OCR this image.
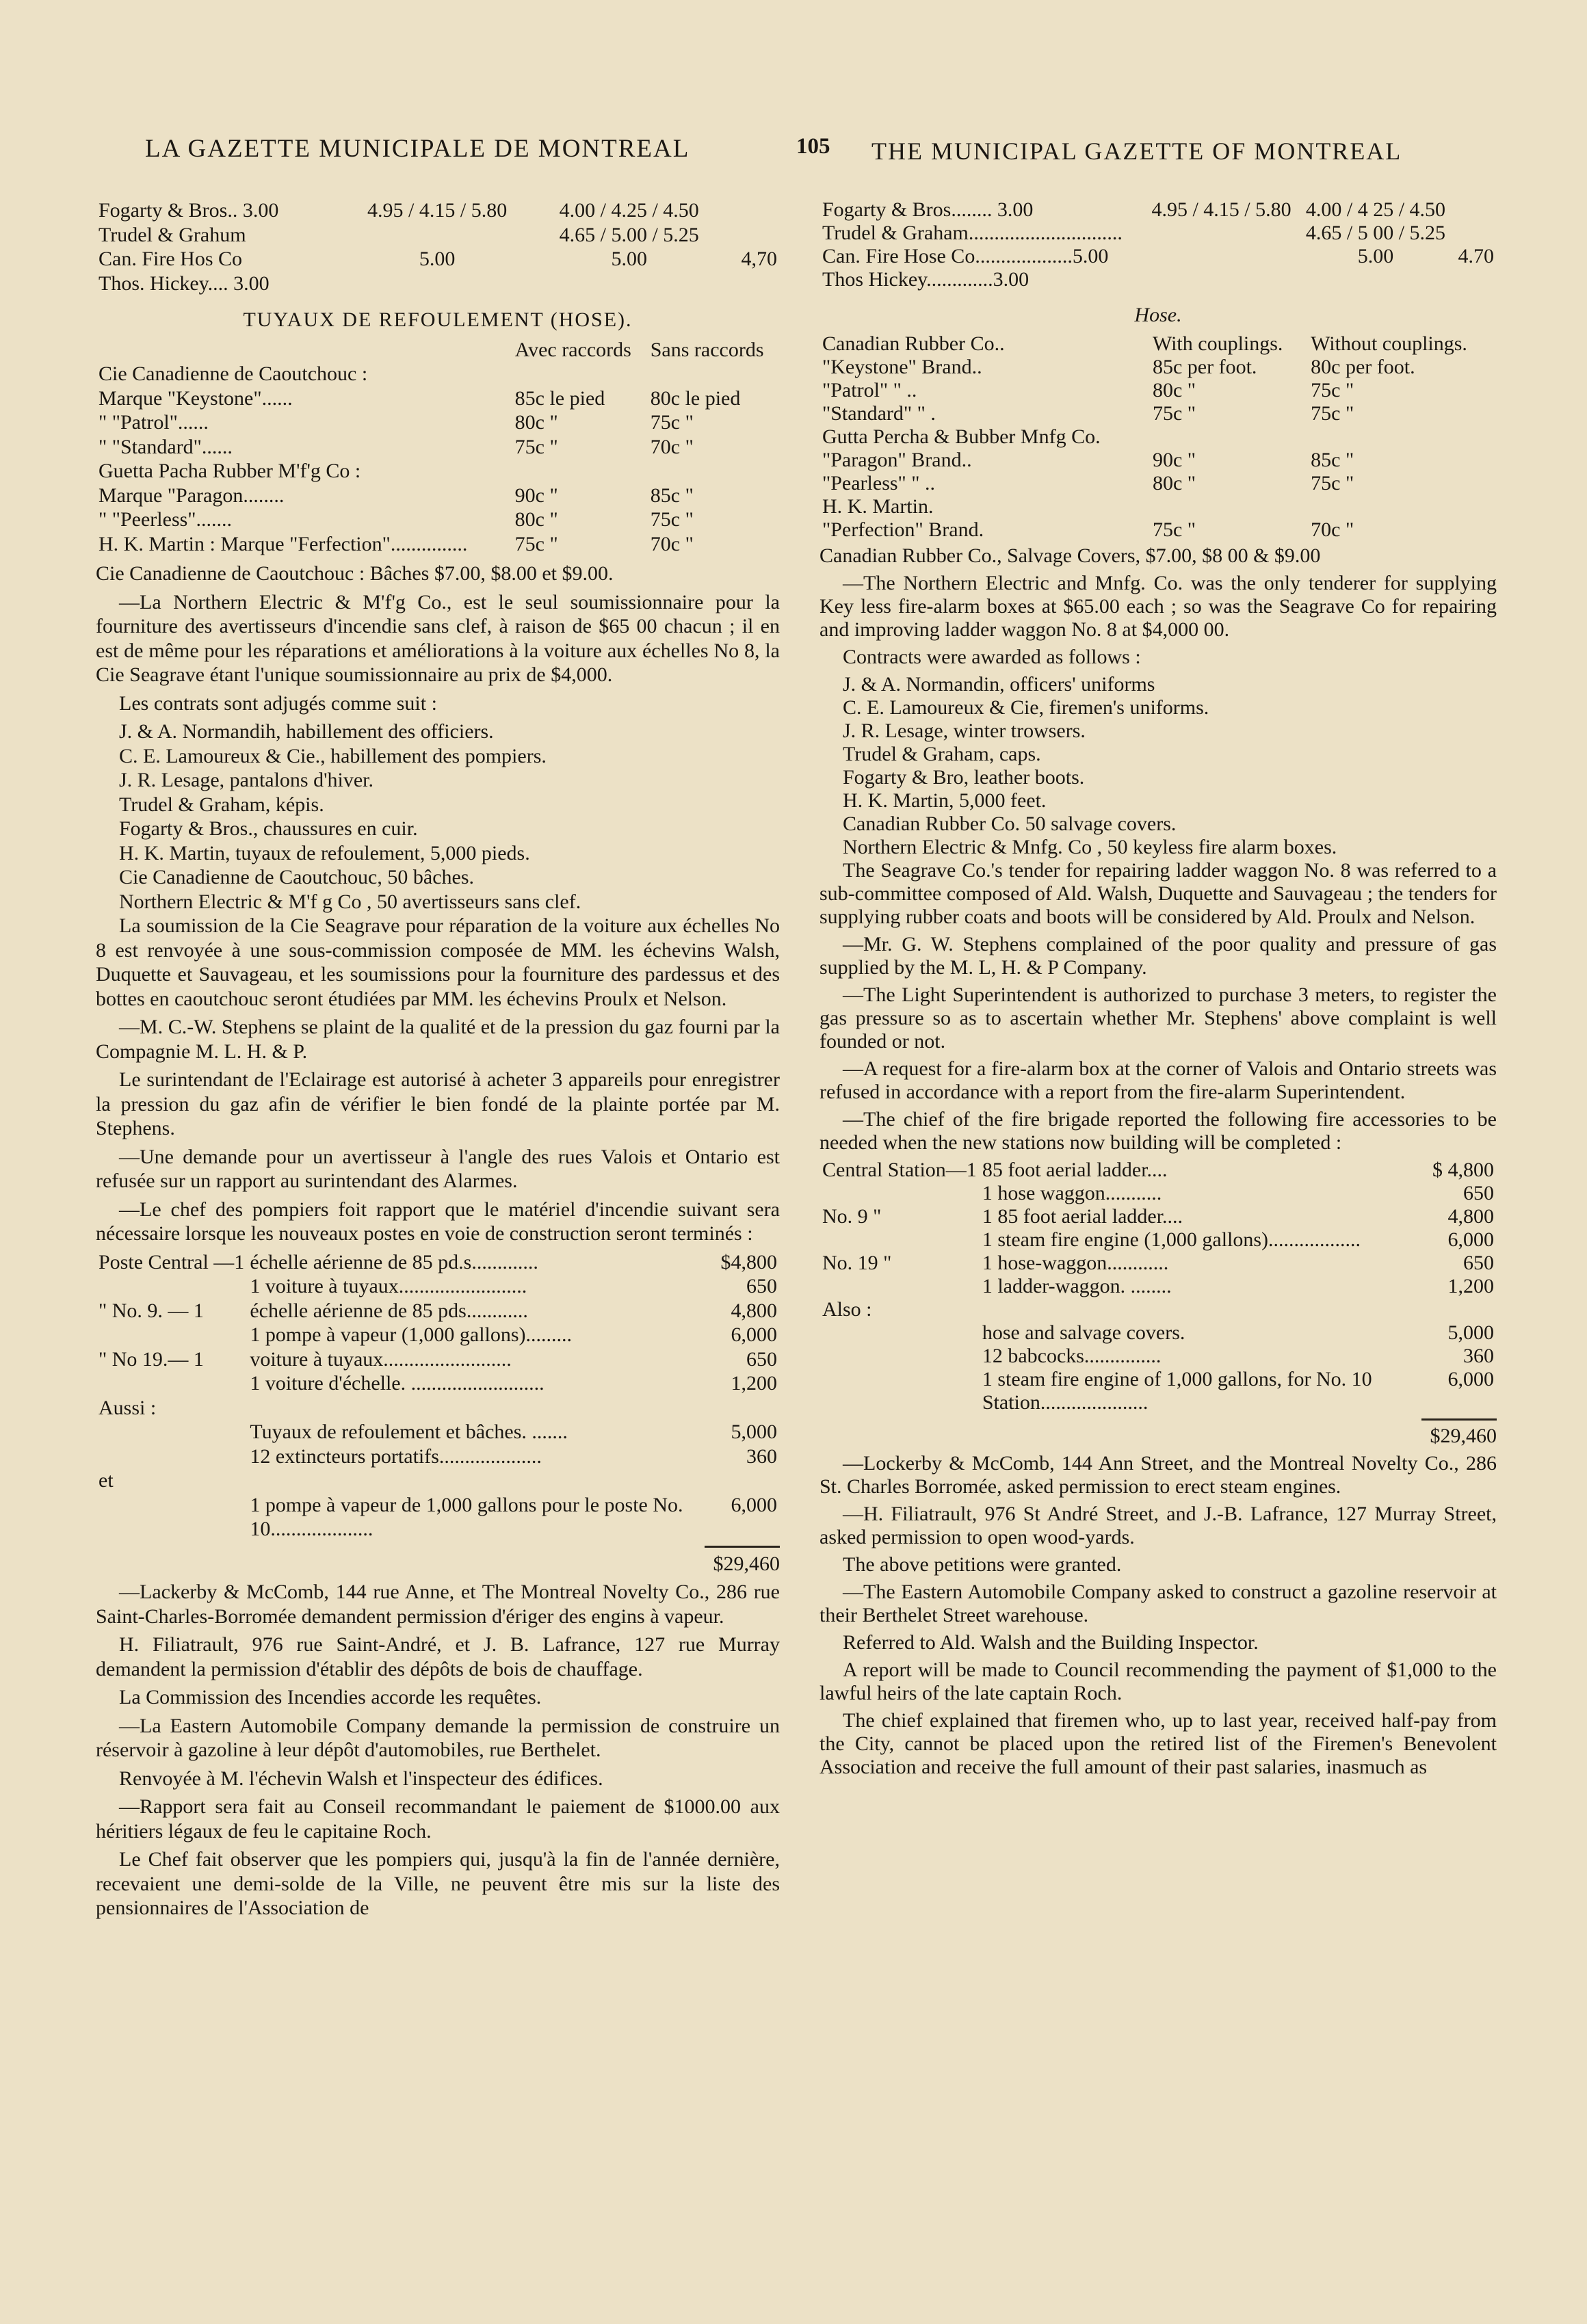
LA GAZETTE MUNICIPALE DE MONTREAL	105 THE MUNICIPAL GAZETTE OF MONTREAL
Fogarty & Bros.. 3.00	4.95 / 4.15 / 5.80	4.00 / 4.25 / 4.50	
Trudel & Grahum		4.65 / 5.00 / 5.25	
Can. Fire Hos Co	5.00	5.00	4,70
Thos. Hickey.... 3.00			

TUYAUX DE REFOULEMENT (HOSE).

	Avec raccords	Sans raccords
Cie Canadienne de Caoutchouc :		
Marque "Keystone"......	85c le pied	80c le pied
" "Patrol"......	80c "	75c "
" "Standard"......	75c "	70c "
Guetta Pacha Rubber M'f'g Co :		
Marque "Paragon........	90c "	85c "
" "Peerless".......	80c "	75c "
H. K. Martin : Marque "Ferfection"...............	75c "	70c "

Cie Canadienne de Caoutchouc : Bâches $7.00, $8.00 et $9.00.

—La Northern Electric & M'f'g Co., est le seul soumissionnaire pour la fourniture des avertisseurs d'incendie sans clef, à raison de $65 00 chacun ; il en est de même pour les réparations et améliorations à la voiture aux échelles No 8, la Cie Seagrave étant l'unique soumissionnaire au prix de $4,000.

Les contrats sont adjugés comme suit :

J. & A. Normandih, habillement des officiers.
C. E. Lamoureux & Cie., habillement des pompiers.
J. R. Lesage, pantalons d'hiver.
Trudel & Graham, képis.
Fogarty & Bros., chaussures en cuir.
H. K. Martin, tuyaux de refoulement, 5,000 pieds.
Cie Canadienne de Caoutchouc, 50 bâches.
Northern Electric & M'f g Co , 50 avertisseurs sans clef.

La soumission de la Cie Seagrave pour réparation de la voiture aux échelles No 8 est renvoyée à une sous-commission composée de MM. les échevins Walsh, Duquette et Sauvageau, et les soumissions pour la fourniture des pardessus et des bottes en caoutchouc seront étudiées par MM. les échevins Proulx et Nelson.

—M. C.-W. Stephens se plaint de la qualité et de la pression du gaz fourni par la Compagnie M. L. H. & P.

Le surintendant de l'Eclairage est autorisé à acheter 3 appareils pour enregistrer la pression du gaz afin de vérifier le bien fondé de la plainte portée par M. Stephens.

—Une demande pour un avertisseur à l'angle des rues Valois et Ontario est refusée sur un rapport au surintendant des Alarmes.

—Le chef des pompiers foit rapport que le matériel d'incendie suivant sera nécessaire lorsque les nouveaux postes en voie de construction seront terminés :

Poste Central —1	échelle aérienne de 85 pd.s.............	$4,800
	1 voiture à tuyaux.........................	650
" No. 9. — 1	échelle aérienne de 85 pds............	4,800
	1 pompe à vapeur (1,000 gallons).........	6,000
" No 19.— 1	voiture à tuyaux.........................	650
	1 voiture d'échelle. ..........................	1,200
Aussi :		
	Tuyaux de refoulement et bâches. .......	5,000
	12 extincteurs portatifs....................	360
et		
	1 pompe à vapeur de 1,000 gallons pour le poste No. 10....................	6,000

$29,460

—Lackerby & McComb, 144 rue Anne, et The Montreal Novelty Co., 286 rue Saint-Charles-Borromée demandent permission d'ériger des engins à vapeur.

H. Filiatrault, 976 rue Saint-André, et J. B. Lafrance, 127 rue Murray demandent la permission d'établir des dépôts de bois de chauffage.

La Commission des Incendies accorde les requêtes.

—La Eastern Automobile Company demande la permission de construire un réservoir à gazoline à leur dépôt d'automobiles, rue Berthelet.

Renvoyée à M. l'échevin Walsh et l'inspecteur des édifices.

—Rapport sera fait au Conseil recommandant le paiement de $1000.00 aux héritiers légaux de feu le capitaine Roch.

Le Chef fait observer que les pompiers qui, jusqu'à la fin de l'année dernière, recevaient une demi-solde de la Ville, ne peuvent être mis sur la liste des pensionnaires de l'Association de

Fogarty & Bros........ 3.00	4.95 / 4.15 / 5.80	4.00 / 4 25 / 4.50	
Trudel & Graham..............................		4.65 / 5 00 / 5.25	
Can. Fire Hose Co...................5.00		5.00	4.70
Thos Hickey.............3.00			

Hose.

Canadian Rubber Co..	With couplings.	Without couplings.
"Keystone" Brand..	85c per foot.	80c per foot.
"Patrol" " ..	80c "	75c "
"Standard" " .	75c "	75c "
Gutta Percha & Bubber Mnfg Co.		
"Paragon" Brand..	90c "	85c "
"Pearless" " ..	80c "	75c "
H. K. Martin.		
"Perfection" Brand.	75c "	70c "

Canadian Rubber Co., Salvage Covers, $7.00, $8 00 & $9.00

—The Northern Electric and Mnfg. Co. was the only tenderer for supplying Key less fire-alarm boxes at $65.00 each ; so was the Seagrave Co for repairing and improving ladder waggon No. 8 at $4,000 00.

Contracts were awarded as follows :

J. & A. Normandin, officers' uniforms
C. E. Lamoureux & Cie, firemen's uniforms.
J. R. Lesage, winter trowsers.
Trudel & Graham, caps.
Fogarty & Bro, leather boots.
H. K. Martin, 5,000 feet.
Canadian Rubber Co. 50 salvage covers.
Northern Electric & Mnfg. Co , 50 keyless fire alarm boxes.

The Seagrave Co.'s tender for repairing ladder waggon No. 8 was referred to a sub-committee composed of Ald. Walsh, Duquette and Sauvageau ; the tenders for supplying rubber coats and boots will be considered by Ald. Proulx and Nelson.

—Mr. G. W. Stephens complained of the poor quality and pressure of gas supplied by the M. L, H. & P Company.

—The Light Superintendent is authorized to purchase 3 meters, to register the gas pressure so as to ascertain whether Mr. Stephens' above complaint is well founded or not.

—A request for a fire-alarm box at the corner of Valois and Ontario streets was refused in accordance with a report from the fire-alarm Superintendent.

—The chief of the fire brigade reported the following fire accessories to be needed when the new stations now building will be completed :

Central Station—1	85 foot aerial ladder....	$ 4,800
	1 hose waggon...........	650
No. 9 "	1 85 foot aerial ladder....	4,800
	1 steam fire engine (1,000 gallons)..................	6,000
No. 19 "	1 hose-waggon............	650
	1 ladder-waggon. ........	1,200
Also :		
	hose and salvage covers.	5,000
	12 babcocks...............	360
	1 steam fire engine of 1,000 gallons, for No. 10 Station.....................	6,000

$29,460

—Lockerby & McComb, 144 Ann Street, and the Montreal Novelty Co., 286 St. Charles Borromée, asked permission to erect steam engines.

—H. Filiatrault, 976 St André Street, and J.-B. Lafrance, 127 Murray Street, asked permission to open wood-yards.

The above petitions were granted.

—The Eastern Automobile Company asked to construct a gazoline reservoir at their Berthelet Street warehouse.

Referred to Ald. Walsh and the Building Inspector.

A report will be made to Council recommending the payment of $1,000 to the lawful heirs of the late captain Roch.

The chief explained that firemen who, up to last year, received half-pay from the City, cannot be placed upon the retired list of the Firemen's Benevolent Association and receive the full amount of their past salaries, inasmuch as
